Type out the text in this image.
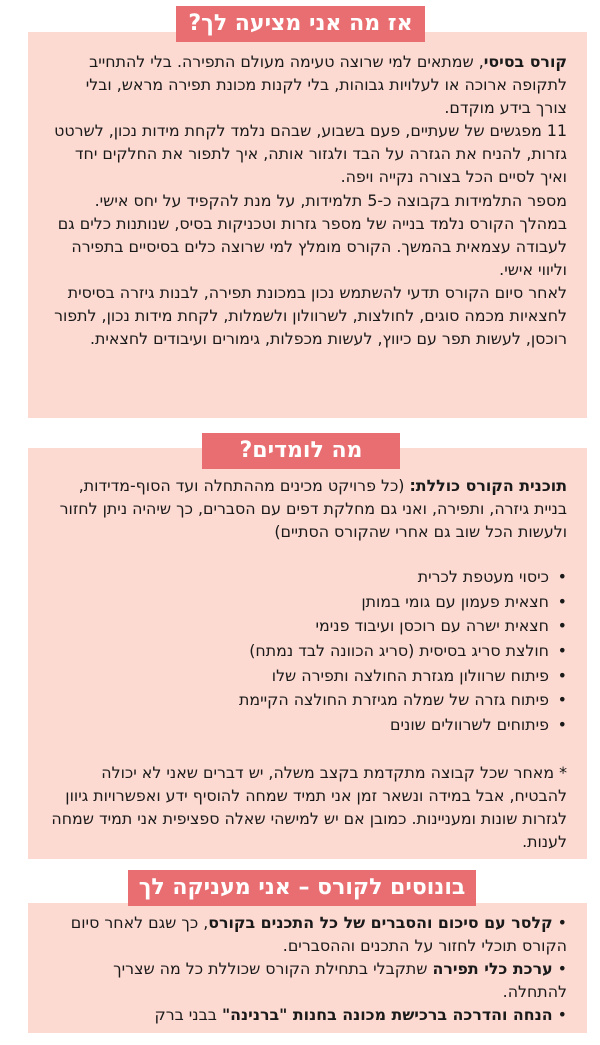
קורס בסיסי, שמתאים למי שרוצה טעימה מעולם התפירה. בלי להתחייב לתקופה ארוכה או לעלויות גבוהות, בלי לקנות מכונת תפירה מראש, ובלי צורך בידע מוקדם.

11 מפגשים של שעתיים, פעם בשבוע, שבהם נלמד לקחת מידות נכון, לשרטט גזרות, להניח את הגזרה על הבד ולגזור אותה, איך לתפור את החלקים יחד ואיך לסיים הכל בצורה נקייה ויפה.

מספר התלמידות בקבוצה כ-5 תלמידות, על מנת להקפיד על יחס אישי.

במהלך הקורס נלמד בנייה של מספר גזרות וטכניקות בסיס, שנותנות כלים גם לעבודה עצמאית בהמשך. הקורס מומלץ למי שרוצה כלים בסיסיים בתפירה וליווי אישי.

לאחר סיום הקורס תדעי להשתמש נכון במכונת תפירה, לבנות גיזרה בסיסית

לחצאיות מכמה סוגים, לחולצות, לשרוולון ולשמלות, לקחת מידות נכון, לתפור רוכסן, לעשות תפר עם כיווץ, לעשות מכפלות, גימורים ועיבודים לחצאית.

אז מה אני מציעה לך?

תוכנית הקורס כוללת: (כל פרויקט מכינים מההתחלה ועד הסוף-מדידות, בניית גיזרה, ותפירה, ואני גם מחלקת דפים עם הסברים, כך שיהיה ניתן לחזור ולעשות הכל שוב גם אחרי שהקורס הסתיים)

•כיסוי מעטפת לכרית
•חצאית פעמון עם גומי במותן
•חצאית ישרה עם רוכסן ועיבוד פנימי
•חולצת סריג בסיסית (סריג הכוונה לבד נמתח)
•פיתוח שרוולון מגזרת החולצה ותפירה שלו
•פיתוח גזרה של שמלה מגיזרת החולצה הקיימת
•פיתוחים לשרוולים שונים

* מאחר שכל קבוצה מתקדמת בקצב משלה, יש דברים שאני לא יכולה להבטיח, אבל במידה ונשאר זמן אני תמיד שמחה להוסיף ידע ואפשרויות גיוון לגזרות שונות ומעניינות. כמובן אם יש למישהי שאלה ספציפית אני תמיד שמחה לענות.

מה לומדים?
• קלסר עם סיכום והסברים של כל התכנים בקורס, כך שגם לאחר סיום הקורס תוכלי לחזור על התכנים וההסברים.
• ערכת כלי תפירה שתקבלי בתחילת הקורס שכוללת כל מה שצריך להתחלה.
• הנחה והדרכה ברכישת מכונה בחנות "ברנינה" בבני ברק
בונוסים לקורס – אני מעניקה לך
